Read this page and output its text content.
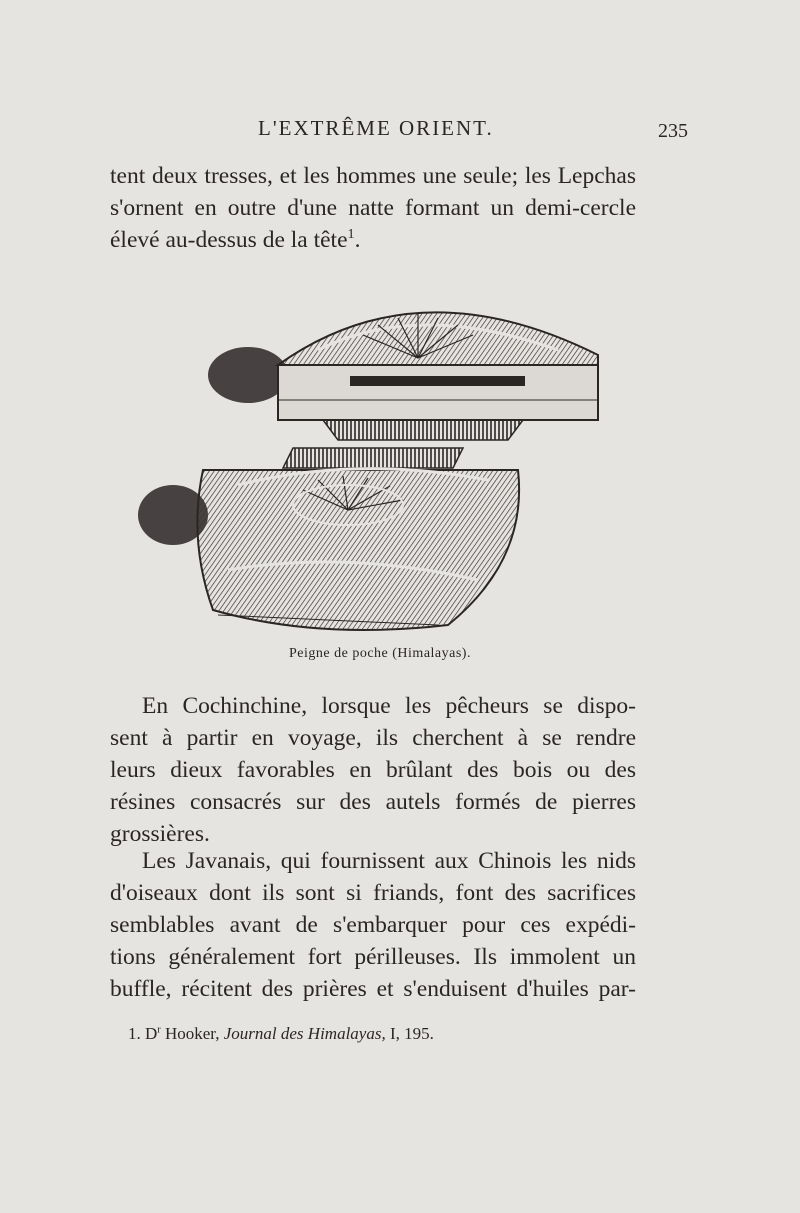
L'EXTRÊME ORIENT.	235
tent deux tresses, et les hommes une seule; les Lepchas
s'ornent en outre d'une natte formant un demi-cercle
élevé au-dessus de la tête$^1$.
Peigne de poche (Himalayas).
En Cochinchine, lorsque les pêcheurs se dispo-
sent à partir en voyage, ils cherchent à se rendre
leurs dieux favorables en brûlant des bois ou des
résines consacrés sur des autels formés de pierres
grossières.
Les Javanais, qui fournissent aux Chinois les nids
d'oiseaux dont ils sont si friands, font des sacrifices
semblables avant de s'embarquer pour ces expédi-
tions généralement fort périlleuses. Ils immolent un
buffle, récitent des prières et s'enduisent d'huiles par-
1. $D^r$ Hooker, Journal des Himalayas, I, 195.
